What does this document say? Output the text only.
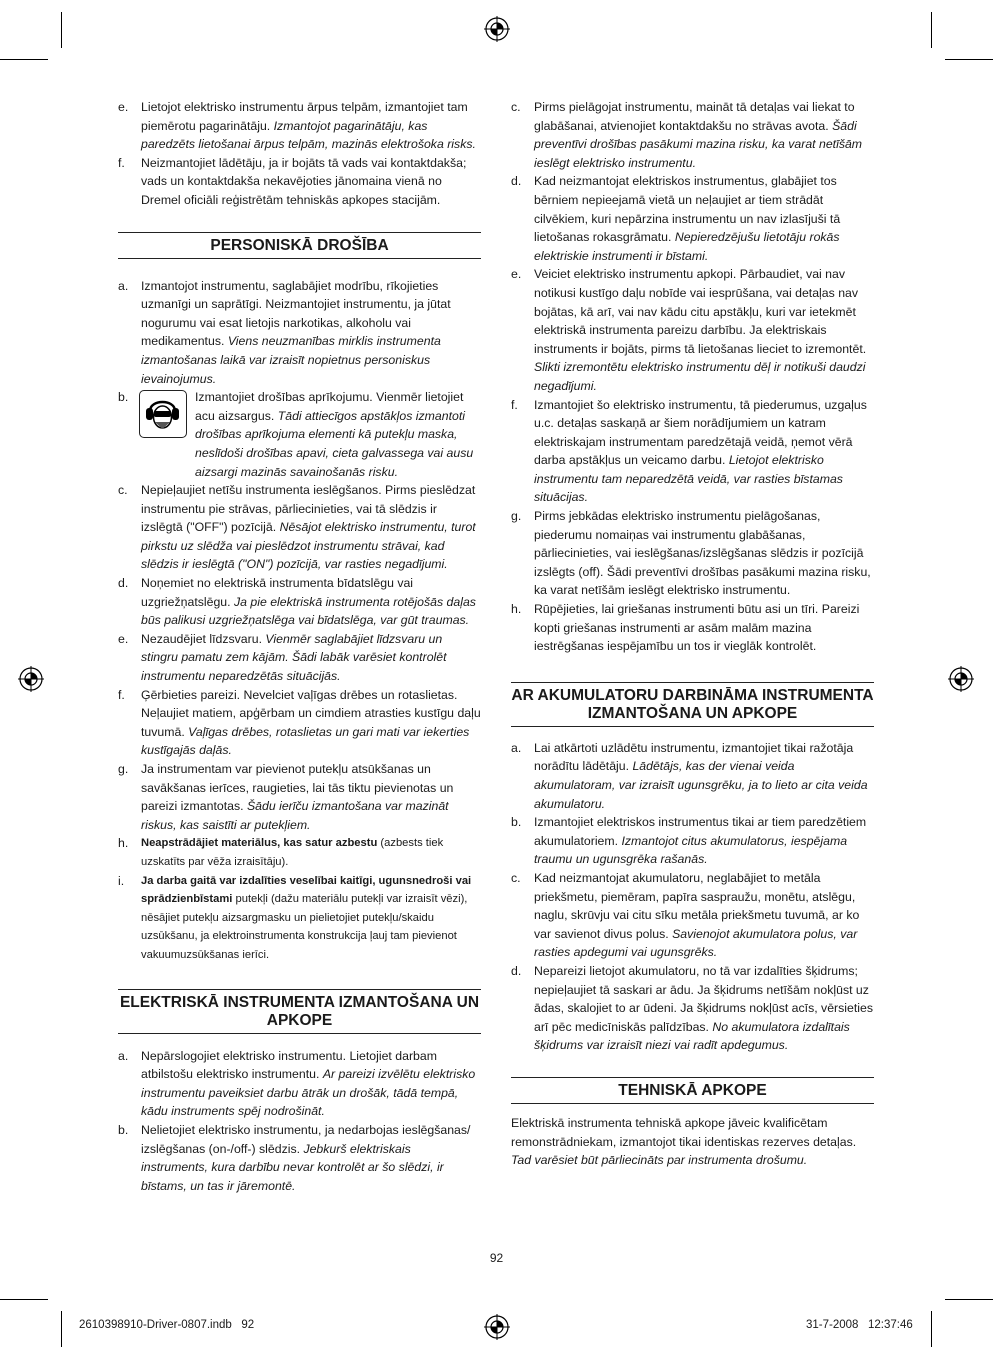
e. Lietojot elektrisko instrumentu ārpus telpām, izmantojiet tam piemērotu pagarinātāju. Izmantojot pagarinātāju, kas paredzēts lietošanai ārpus telpām, mazinās elektrošoka risks.

f. Neizmantojiet lādētāju, ja ir bojāts tā vads vai kontaktdakša; vads un kontaktdakša nekavējoties jānomaina vienā no Dremel oficiāli reģistrētām tehniskās apkopes stacijām.

PERSONISKĀ DROŠĪBA

a. Izmantojot instrumentu, saglabājiet modrību, rīkojieties uzmanīgi un saprātīgi. Neizmantojiet instrumentu, ja jūtat nogurumu vai esat lietojis narkotikas, alkoholu vai medikamentus. Viens neuzmanības mirklis instrumenta izmantošanas laikā var izraisīt nopietnus personiskus ievainojumus.

b.	Izmantojiet drošības aprīkojumu. Vienmēr lietojiet acu aizsargus. Tādi attiecīgos apstākļos izmantoti drošības aprīkojuma elementi kā putekļu maska, neslīdoši drošības apavi, cieta galvassega vai ausu aizsargi mazinās savainošanās risku.

c. Nepieļaujiet netīšu instrumenta ieslēgšanos. Pirms pieslēdzat instrumentu pie strāvas, pārliecinieties, vai tā slēdzis ir izslēgtā ("OFF") pozīcijā. Nēsājot elektrisko instrumentu, turot pirkstu uz slēdža vai pieslēdzot instrumentu strāvai, kad slēdzis ir ieslēgtā ("ON") pozīcijā, var rasties negadījumi.

d. Noņemiet no elektriskā instrumenta bīdatslēgu vai uzgriežņatslēgu. Ja pie elektriskā instrumenta rotējošās daļas būs palikusi uzgriežņatslēga vai bīdatslēga, var gūt traumas.

e. Nezaudējiet līdzsvaru. Vienmēr saglabājiet līdzsvaru un stingru pamatu zem kājām. Šādi labāk varēsiet kontrolēt instrumentu neparedzētās situācijās.

f. Ģērbieties pareizi. Nevelciet vaļīgas drēbes un rotaslietas. Neļaujiet matiem, apģērbam un cimdiem atrasties kustīgu daļu tuvumā. Vaļīgas drēbes, rotaslietas un gari mati var iekerties kustīgajās daļās.

g. Ja instrumentam var pievienot putekļu atsūkšanas un savākšanas ierīces, raugieties, lai tās tiktu pievienotas un pareizi izmantotas. Šādu ierīču izmantošana var mazināt riskus, kas saistīti ar putekļiem.

h. Neapstrādājiet materiālus, kas satur azbestu (azbests tiek uzskatīts par vēža izraisītāju).

i. Ja darba gaitā var izdalīties veselībai kaitīgi, ugunsnedroši vai sprādzienbīstami putekļi (dažu materiālu putekļi var izraisīt vēzi), nēsājiet putekļu aizsargmasku un pielietojiet putekļu/skaidu uzsūkšanu, ja elektroinstrumenta konstrukcija ļauj tam pievienot vakuumuzsūkšanas ierīci.

ELEKTRISKĀ INSTRUMENTA IZMANTOŠANA UN
APKOPE

a. Nepārslogojiet elektrisko instrumentu. Lietojiet darbam atbilstošu elektrisko instrumentu. Ar pareizi izvēlētu elektrisko instrumentu paveiksiet darbu ātrāk un drošāk, tādā tempā, kādu instruments spēj nodrošināt.

b. Nelietojiet elektrisko instrumentu, ja nedarbojas ieslēgšanas/ izslēgšanas (on-/off-) slēdzis. Jebkurš elektriskais instruments, kura darbību nevar kontrolēt ar šo slēdzi, ir bīstams, un tas ir jāremontē.

c. Pirms pielāgojat instrumentu, maināt tā detaļas vai liekat to glabāšanai, atvienojiet kontaktdakšu no strāvas avota. Šādi preventīvi drošības pasākumi mazina risku, ka varat netīšām ieslēgt elektrisko instrumentu.

d. Kad neizmantojat elektriskos instrumentus, glabājiet tos bērniem nepieejamā vietā un neļaujiet ar tiem strādāt cilvēkiem, kuri nepārzina instrumentu un nav izlasījuši tā lietošanas rokasgrāmatu. Nepieredzējušu lietotāju rokās elektriskie instrumenti ir bīstami.

e. Veiciet elektrisko instrumentu apkopi. Pārbaudiet, vai nav notikusi kustīgo daļu nobīde vai iesprūšana, vai detaļas nav bojātas, kā arī, vai nav kādu citu apstākļu, kuri var ietekmēt elektriskā instrumenta pareizu darbību. Ja elektriskais instruments ir bojāts, pirms tā lietošanas lieciet to izremontēt. Slikti izremontētu elektrisko instrumentu dēļ ir notikuši daudzi negadījumi.

f. Izmantojiet šo elektrisko instrumentu, tā piederumus, uzgaļus u.c. detaļas saskaņā ar šiem norādījumiem un katram elektriskajam instrumentam paredzētajā veidā, ņemot vērā darba apstākļus un veicamo darbu. Lietojot elektrisko instrumentu tam neparedzētā veidā, var rasties bīstamas situācijas.

g. Pirms jebkādas elektrisko instrumentu pielāgošanas, piederumu nomaiņas vai instrumentu glabāšanas, pārliecinieties, vai ieslēgšanas/izslēgšanas slēdzis ir pozīcijā izslēgts (off). Šādi preventīvi drošības pasākumi mazina risku, ka varat netīšām ieslēgt elektrisko instrumentu.

h. Rūpējieties, lai griešanas instrumenti būtu asi un tīri. Pareizi kopti griešanas instrumenti ar asām malām mazina iestrēgšanas iespējamību un tos ir vieglāk kontrolēt.

AR AKUMULATORU DARBINĀMA INSTRUMENTA
IZMANTOŠANA UN APKOPE

a. Lai atkārtoti uzlādētu instrumentu, izmantojiet tikai ražotāja norādītu lādētāju. Lādētājs, kas der vienai veida akumulatoram, var izraisīt ugunsgrēku, ja to lieto ar cita veida akumulatoru.

b. Izmantojiet elektriskos instrumentus tikai ar tiem paredzētiem akumulatoriem. Izmantojot citus akumulatorus, iespējama traumu un ugunsgrēka rašanās.

c. Kad neizmantojat akumulatoru, neglabājiet to metāla priekšmetu, piemēram, papīra saspraužu, monētu, atslēgu, naglu, skrūvju vai citu sīku metāla priekšmetu tuvumā, ar ko var savienot divus polus. Savienojot akumulatora polus, var rasties apdegumi vai ugunsgrēks.

d. Nepareizi lietojot akumulatoru, no tā var izdalīties šķidrums; nepieļaujiet tā saskari ar ādu. Ja šķidrums netīšām nokļūst uz ādas, skalojiet to ar ūdeni. Ja šķidrums nokļūst acīs, vērsieties arī pēc medicīniskās palīdzības. No akumulatora izdalītais šķidrums var izraisīt niezi vai radīt apdegumus.

TEHNISKĀ APKOPE

Elektriskā instrumenta tehniskā apkope jāveic kvalificētam remonstrādniekam, izmantojot tikai identiskas rezerves detaļas. Tad varēsiet būt pārliecināts par instrumenta drošumu.

92
2610398910-Driver-0807.indb   92	31-7-2008   12:37:46
